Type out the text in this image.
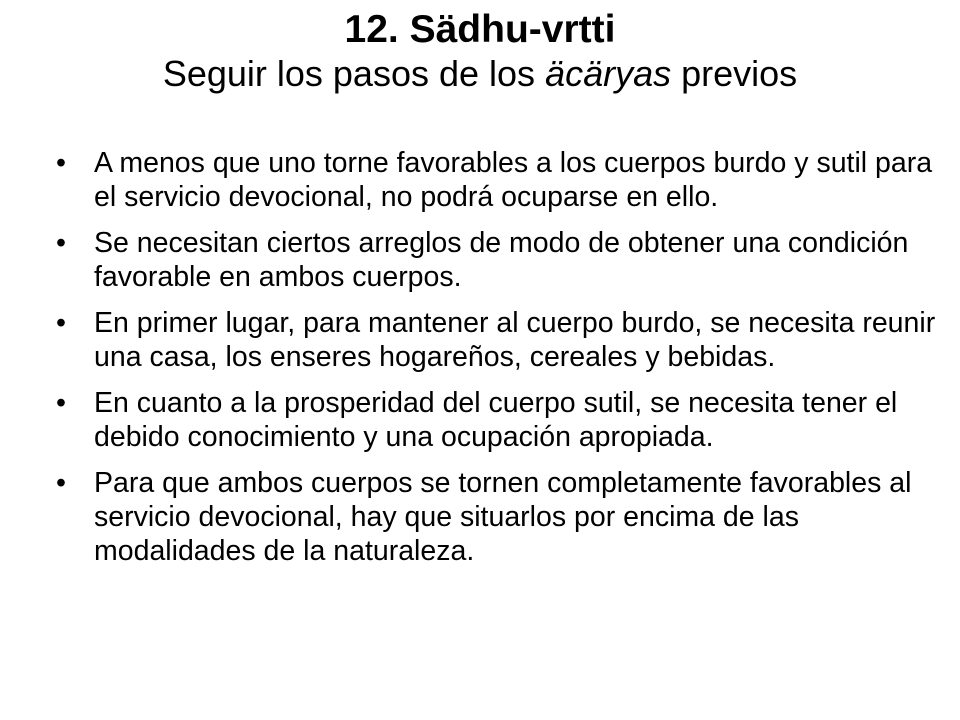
12. Sädhu-vrtti

Seguir los pasos de los äcäryas previos

• A menos que uno torne favorables a los cuerpos burdo y sutil para el servicio devocional, no podrá ocuparse en ello.
• Se necesitan ciertos arreglos de modo de obtener una condición favorable en ambos cuerpos.
• En primer lugar, para mantener al cuerpo burdo, se necesita reunir una casa, los enseres hogareños, cereales y bebidas.
• En cuanto a la prosperidad del cuerpo sutil, se necesita tener el debido conocimiento y una ocupación apropiada.
• Para que ambos cuerpos se tornen completamente favorables al servicio devocional, hay que situarlos por encima de las modalidades de la naturaleza.
